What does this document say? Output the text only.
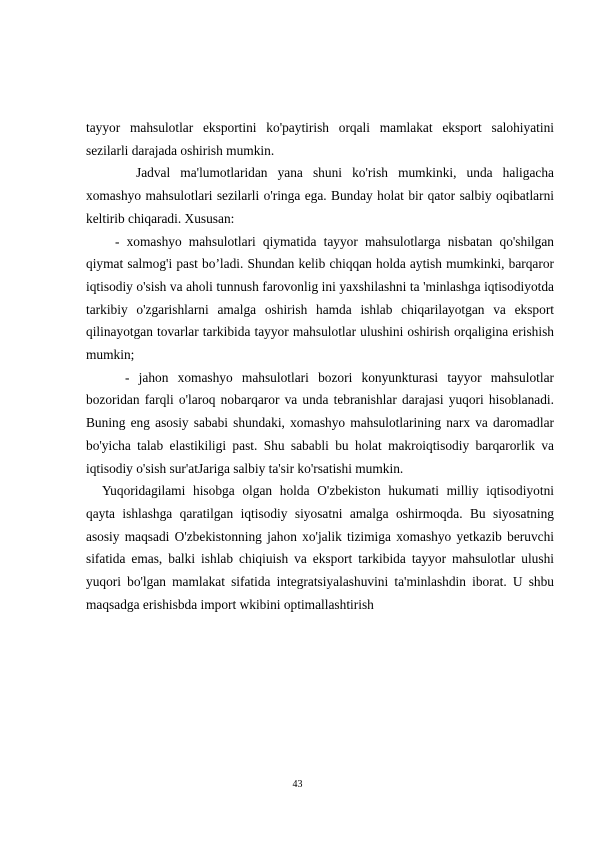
tayyor mahsulotlar eksportini ko'paytirish orqali mamlakat eksport salohiyatini sezilarli darajada oshirish mumkin.

Jadval ma'lumotlaridan yana shuni ko'rish mumkinki, unda haligacha xomashyo mahsulotlari sezilarli o'ringa ega. Bunday holat bir qator salbiy oqibatlarni keltirib chiqaradi. Xususan:

- xomashyo mahsulotlari qiymatida tayyor mahsulotlarga nisbatan qo'shilgan qiymat salmog'i past bo’ladi. Shundan kelib chiqqan holda aytish mumkinki, barqaror iqtisodiy o'sish va aholi tunnush farovonlig ini yaxshilashni ta 'minlashga iqtisodiyotda tarkibiy o'zgarishlarni amalga oshirish hamda ishlab chiqarilayotgan va eksport qilinayotgan tovarlar tarkibida tayyor mahsulotlar ulushini oshirish orqaligina erishish mumkin;

- jahon xomashyo mahsulotlari bozori konyunkturasi tayyor mahsulotlar bozoridan farqli o'laroq nobarqaror va unda tebranishlar darajasi yuqori hisoblanadi. Buning eng asosiy sababi shundaki, xomashyo mahsulotlarining narx va daromadlar bo'yicha talab elastikiligi past. Shu sababli bu holat makroiqtisodiy barqarorlik va iqtisodiy o'sish sur'atJariga salbiy ta'sir ko'rsatishi mumkin.

Yuqoridagilami hisobga olgan holda O'zbekiston hukumati milliy iqtisodiyotni qayta ishlashga qaratilgan iqtisodiy siyosatni amalga oshirmoqda. Bu siyosatning asosiy maqsadi O'zbekistonning jahon xo'jalik tizimiga xomashyo yetkazib beruvchi sifatida emas, balki ishlab chiqiuish va eksport tarkibida tayyor mahsulotlar ulushi yuqori bo'lgan mamlakat sifatida integratsiyalashuvini ta'minlashdin iborat. U shbu maqsadga erishisbda import wkibini optimallashtirish

43
